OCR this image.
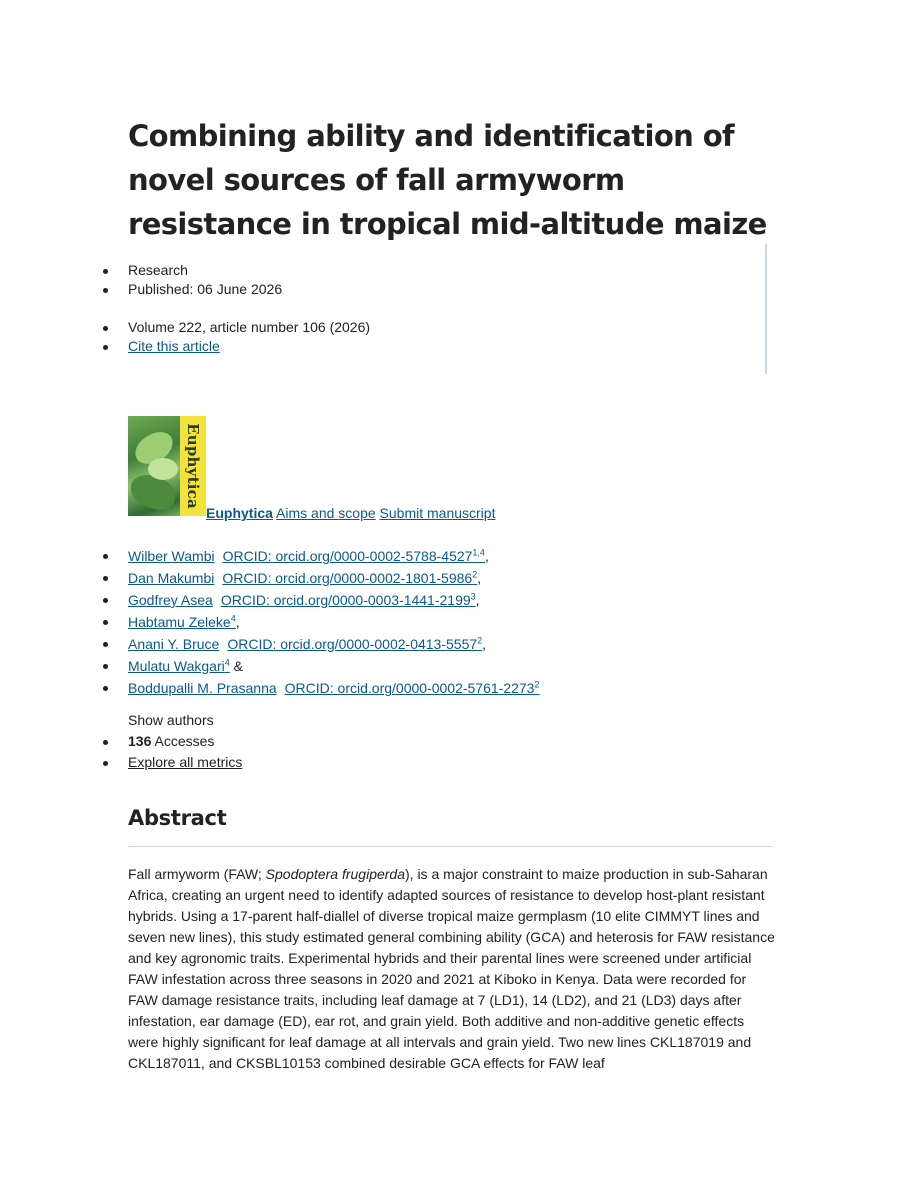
Combining ability and identification of novel sources of fall armyworm resistance in tropical mid-altitude maize
Research
Published: 06 June 2026
Volume 222, article number 106 (2026)
Cite this article
Euphytica
Euphytica Aims and scope Submit manuscript
Wilber Wambi ORCID: orcid.org/0000-0002-5788-4527$^{1,4}$,
Dan Makumbi ORCID: orcid.org/0000-0002-1801-5986$^2$,
Godfrey Asea ORCID: orcid.org/0000-0003-1441-2199$^3$,
Habtamu Zeleke$^4$,
Anani Y. Bruce ORCID: orcid.org/0000-0002-0413-5557$^2$,
Mulatu Wakgari$^4$ &
Boddupalli M. Prasanna ORCID: orcid.org/0000-0002-5761-2273$^2$
Show authors
136 Accesses
Explore all metrics
Abstract

Fall armyworm (FAW; Spodoptera frugiperda), is a major constraint to maize production in sub-Saharan Africa, creating an urgent need to identify adapted sources of resistance to develop host-plant resistant hybrids. Using a 17-parent half-diallel of diverse tropical maize germplasm (10 elite CIMMYT lines and seven new lines), this study estimated general combining ability (GCA) and heterosis for FAW resistance and key agronomic traits. Experimental hybrids and their parental lines were screened under artificial FAW infestation across three seasons in 2020 and 2021 at Kiboko in Kenya. Data were recorded for FAW damage resistance traits, including leaf damage at 7 (LD1), 14 (LD2), and 21 (LD3) days after infestation, ear damage (ED), ear rot, and grain yield. Both additive and non-additive genetic effects were highly significant for leaf damage at all intervals and grain yield. Two new lines CKL187019 and CKL187011, and CKSBL10153 combined desirable GCA effects for FAW leaf
